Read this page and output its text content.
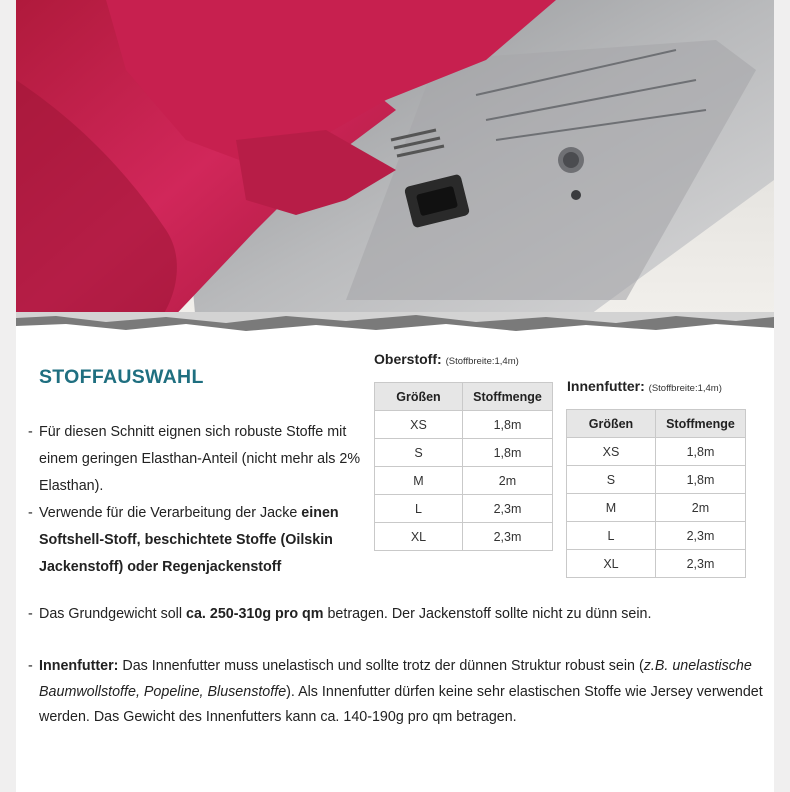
STOFFAUSWAHL
Oberstoff: (Stoffbreite:1,4m)
Größen	Stoffmenge
XS	1,8m
S	1,8m
M	2m
L	2,3m
XL	2,3m
Innenfutter: (Stoffbreite:1,4m)
Größen	Stoffmenge
XS	1,8m
S	1,8m
M	2m
L	2,3m
XL	2,3m

- Für diesen Schnitt eignen sich robuste Stoffe mit einem geringen Elasthan-Anteil (nicht mehr als 2% Elasthan).

- Verwende für die Verarbeitung der Jacke einen Softshell-Stoff, beschichtete Stoffe (Oilskin Jackenstoff) oder Regenjackenstoff

- Das Grundgewicht soll ca. 250-310g pro qm betragen. Der Jackenstoff sollte nicht zu dünn sein.

- Innenfutter: Das Innenfutter muss unelastisch und sollte trotz der dünnen Struktur robust sein (z.B. unelastische Baumwollstoffe, Popeline, Blusenstoffe). Als Innenfutter dürfen keine sehr elastischen Stoffe wie Jersey verwendet werden. Das Gewicht des Innenfutters kann ca. 140-190g pro qm betragen.
